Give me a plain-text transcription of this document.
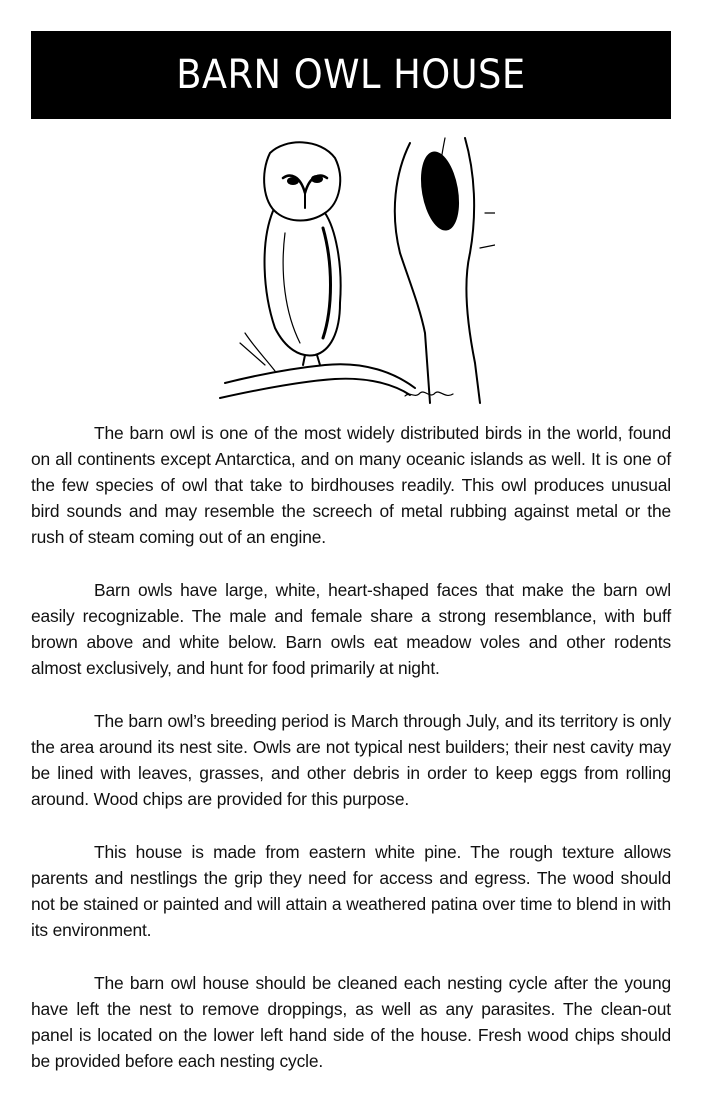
BARN OWL HOUSE

The barn owl is one of the most widely distributed birds in the world, found on all continents except Antarctica, and on many oceanic islands as well. It is one of the few species of owl that take to birdhouses readily. This owl produces unusual bird sounds and may resemble the screech of metal rubbing against metal or the rush of steam coming out of an engine.

Barn owls have large, white, heart-shaped faces that make the barn owl easily recognizable. The male and female share a strong resemblance, with buff brown above and white below. Barn owls eat meadow voles and other rodents almost exclusively, and hunt for food primarily at night.

The barn owl’s breeding period is March through July, and its territory is only the area around its nest site. Owls are not typical nest builders; their nest cavity may be lined with leaves, grasses, and other debris in order to keep eggs from rolling around. Wood chips are provided for this purpose.

This house is made from eastern white pine. The rough texture allows parents and nestlings the grip they need for access and egress. The wood should not be stained or painted and will attain a weathered patina over time to blend in with its environment.

The barn owl house should be cleaned each nesting cycle after the young have left the nest to remove droppings, as well as any parasites. The clean-out panel is located on the lower left hand side of the house. Fresh wood chips should be provided before each nesting cycle.
